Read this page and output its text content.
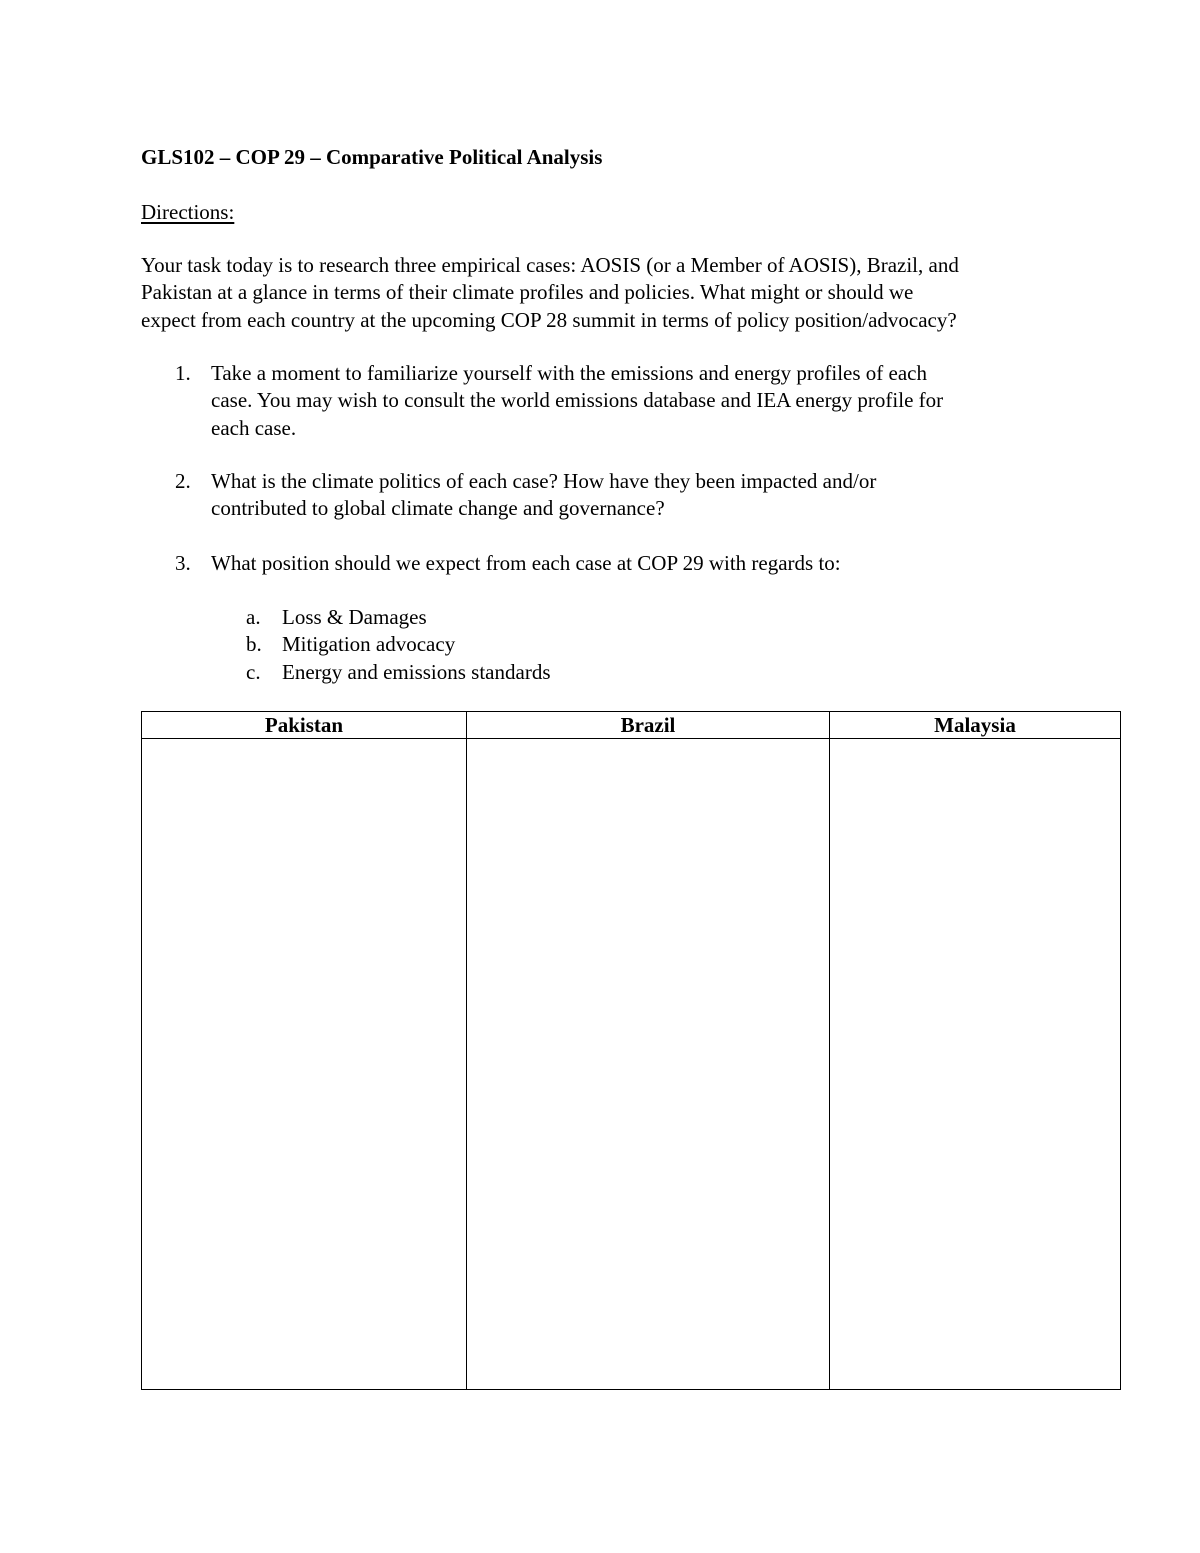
GLS102 – COP 29 – Comparative Political Analysis
Directions:
Your task today is to research three empirical cases: AOSIS (or a Member of AOSIS), Brazil, and
Pakistan at a glance in terms of their climate profiles and policies. What might or should we
expect from each country at the upcoming COP 28 summit in terms of policy position/advocacy?
1. Take a moment to familiarize yourself with the emissions and energy profiles of each
case. You may wish to consult the world emissions database and IEA energy profile for
each case.
2. What is the climate politics of each case? How have they been impacted and/or
contributed to global climate change and governance?
3. What position should we expect from each case at COP 29 with regards to:
a. Loss & Damages
b. Mitigation advocacy
c. Energy and emissions standards
Pakistan	Brazil	Malaysia
